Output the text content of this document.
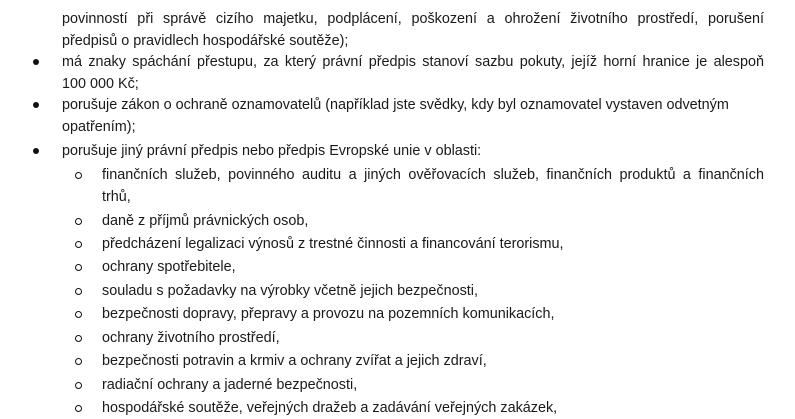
povinností při správě cizího majetku, podplácení, poškození a ohrožení životního prostředí, porušení
předpisů o pravidlech hospodářské soutěže);
má znaky spáchání přestupu, za který právní předpis stanoví sazbu pokuty, jejíž horní hranice je alespoň
100 000 Kč;
porušuje zákon o ochraně oznamovatelů (například jste svědky, kdy byl oznamovatel vystaven odvetným
opatřením);
porušuje jiný právní předpis nebo předpis Evropské unie v oblasti:
finančních služeb, povinného auditu a jiných ověřovacích služeb, finančních produktů a finančních
trhů,
daně z příjmů právnických osob,
předcházení legalizaci výnosů z trestné činnosti a financování terorismu,
ochrany spotřebitele,
souladu s požadavky na výrobky včetně jejich bezpečnosti,
bezpečnosti dopravy, přepravy a provozu na pozemních komunikacích,
ochrany životního prostředí,
bezpečnosti potravin a krmiv a ochrany zvířat a jejich zdraví,
radiační ochrany a jaderné bezpečnosti,
hospodářské soutěže, veřejných dražeb a zadávání veřejných zakázek,
